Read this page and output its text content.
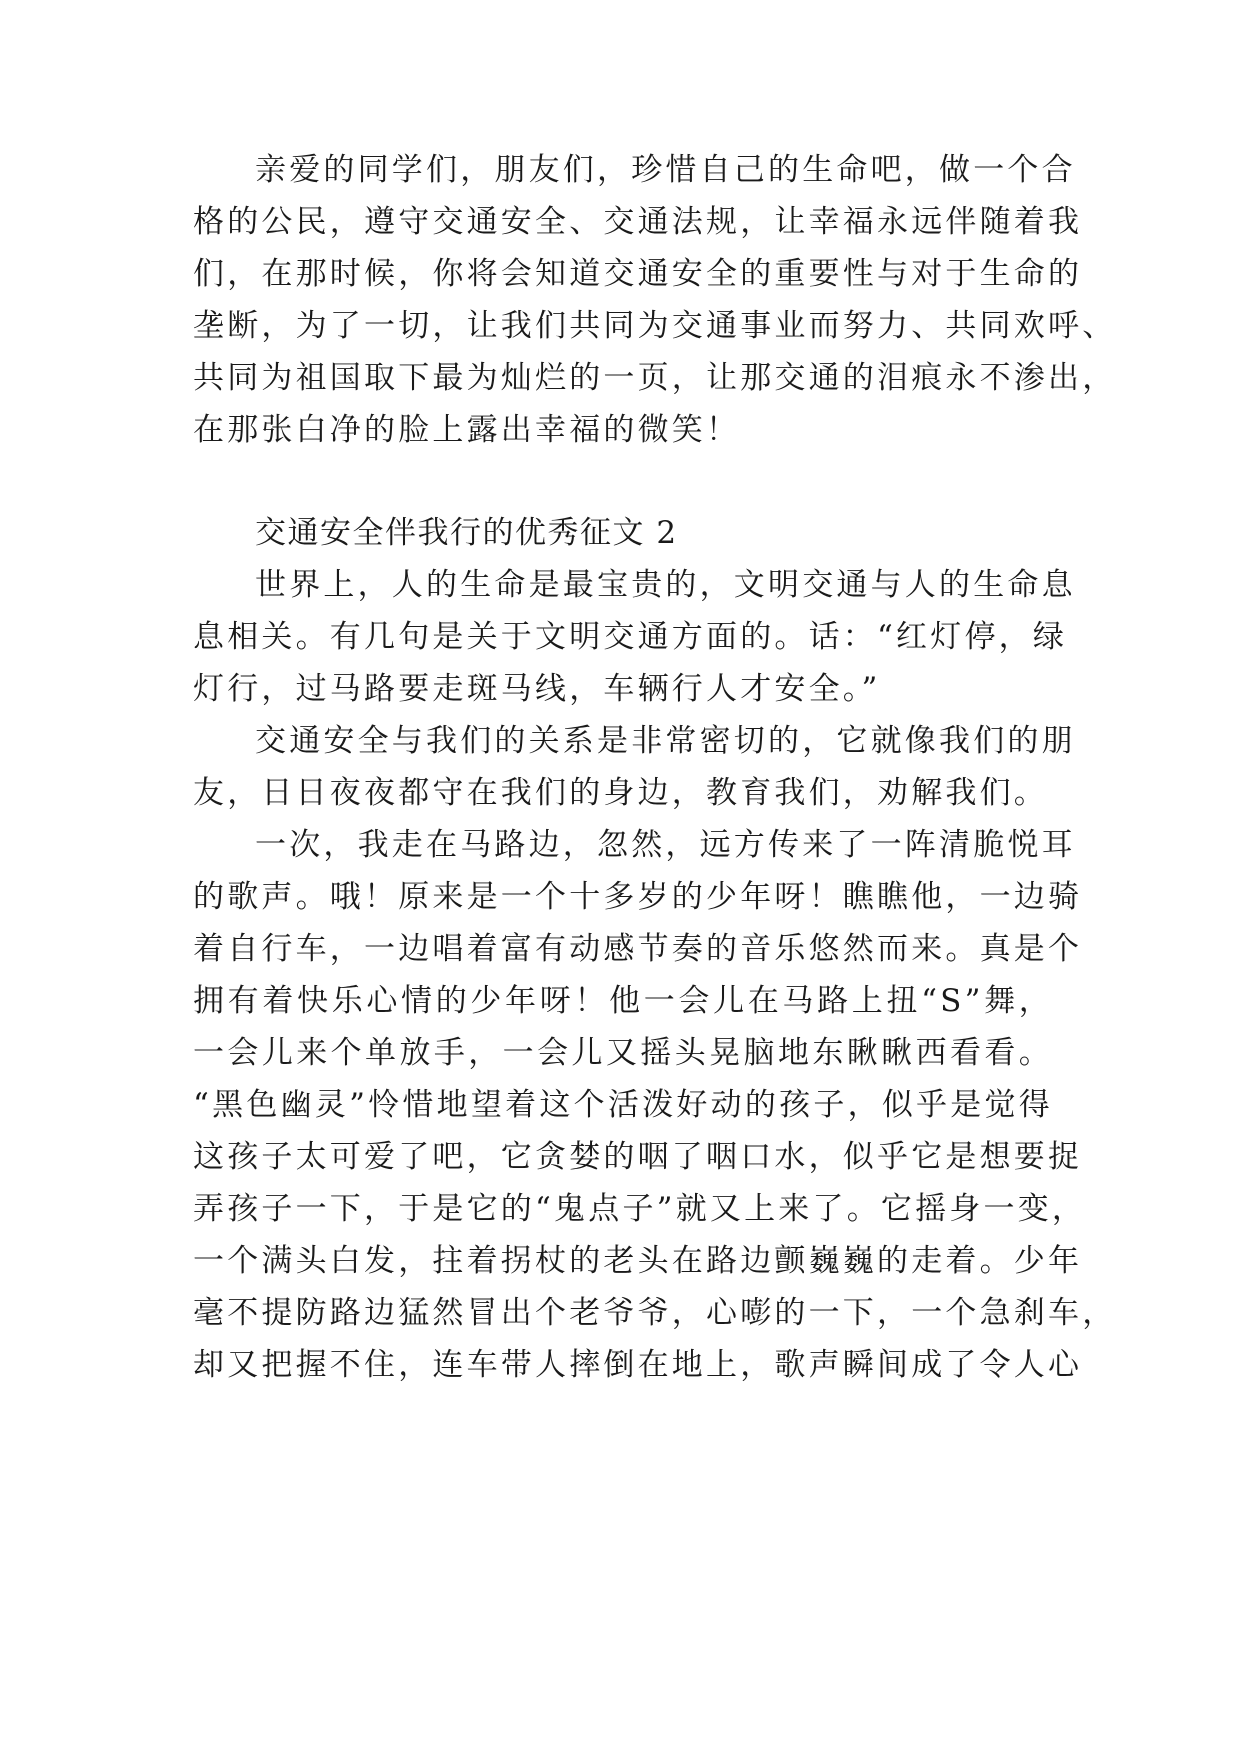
亲爱的同学们，朋友们，珍惜自己的生命吧，做一个合
格的公民，遵守交通安全、交通法规，让幸福永远伴随着我
们，在那时候，你将会知道交通安全的重要性与对于生命的
垄断，为了一切，让我们共同为交通事业而努力、共同欢呼、
共同为祖国取下最为灿烂的一页，让那交通的泪痕永不渗出，
在那张白净的脸上露出幸福的微笑！
交通安全伴我行的优秀征文 2
世界上，人的生命是最宝贵的，文明交通与人的生命息
息相关。有几句是关于文明交通方面的。话：“红灯停，绿
灯行，过马路要走斑马线，车辆行人才安全。”
交通安全与我们的关系是非常密切的，它就像我们的朋
友，日日夜夜都守在我们的身边，教育我们，劝解我们。
一次，我走在马路边，忽然，远方传来了一阵清脆悦耳
的歌声。哦！原来是一个十多岁的少年呀！瞧瞧他，一边骑
着自行车，一边唱着富有动感节奏的音乐悠然而来。真是个
拥有着快乐心情的少年呀！他一会儿在马路上扭“S”舞，
一会儿来个单放手，一会儿又摇头晃脑地东瞅瞅西看看。
“黑色幽灵”怜惜地望着这个活泼好动的孩子，似乎是觉得
这孩子太可爱了吧，它贪婪的咽了咽口水，似乎它是想要捉
弄孩子一下，于是它的“鬼点子”就又上来了。它摇身一变，
一个满头白发，拄着拐杖的老头在路边颤巍巍的走着。少年
毫不提防路边猛然冒出个老爷爷，心嘭的一下，一个急刹车，
却又把握不住，连车带人摔倒在地上，歌声瞬间成了令人心
